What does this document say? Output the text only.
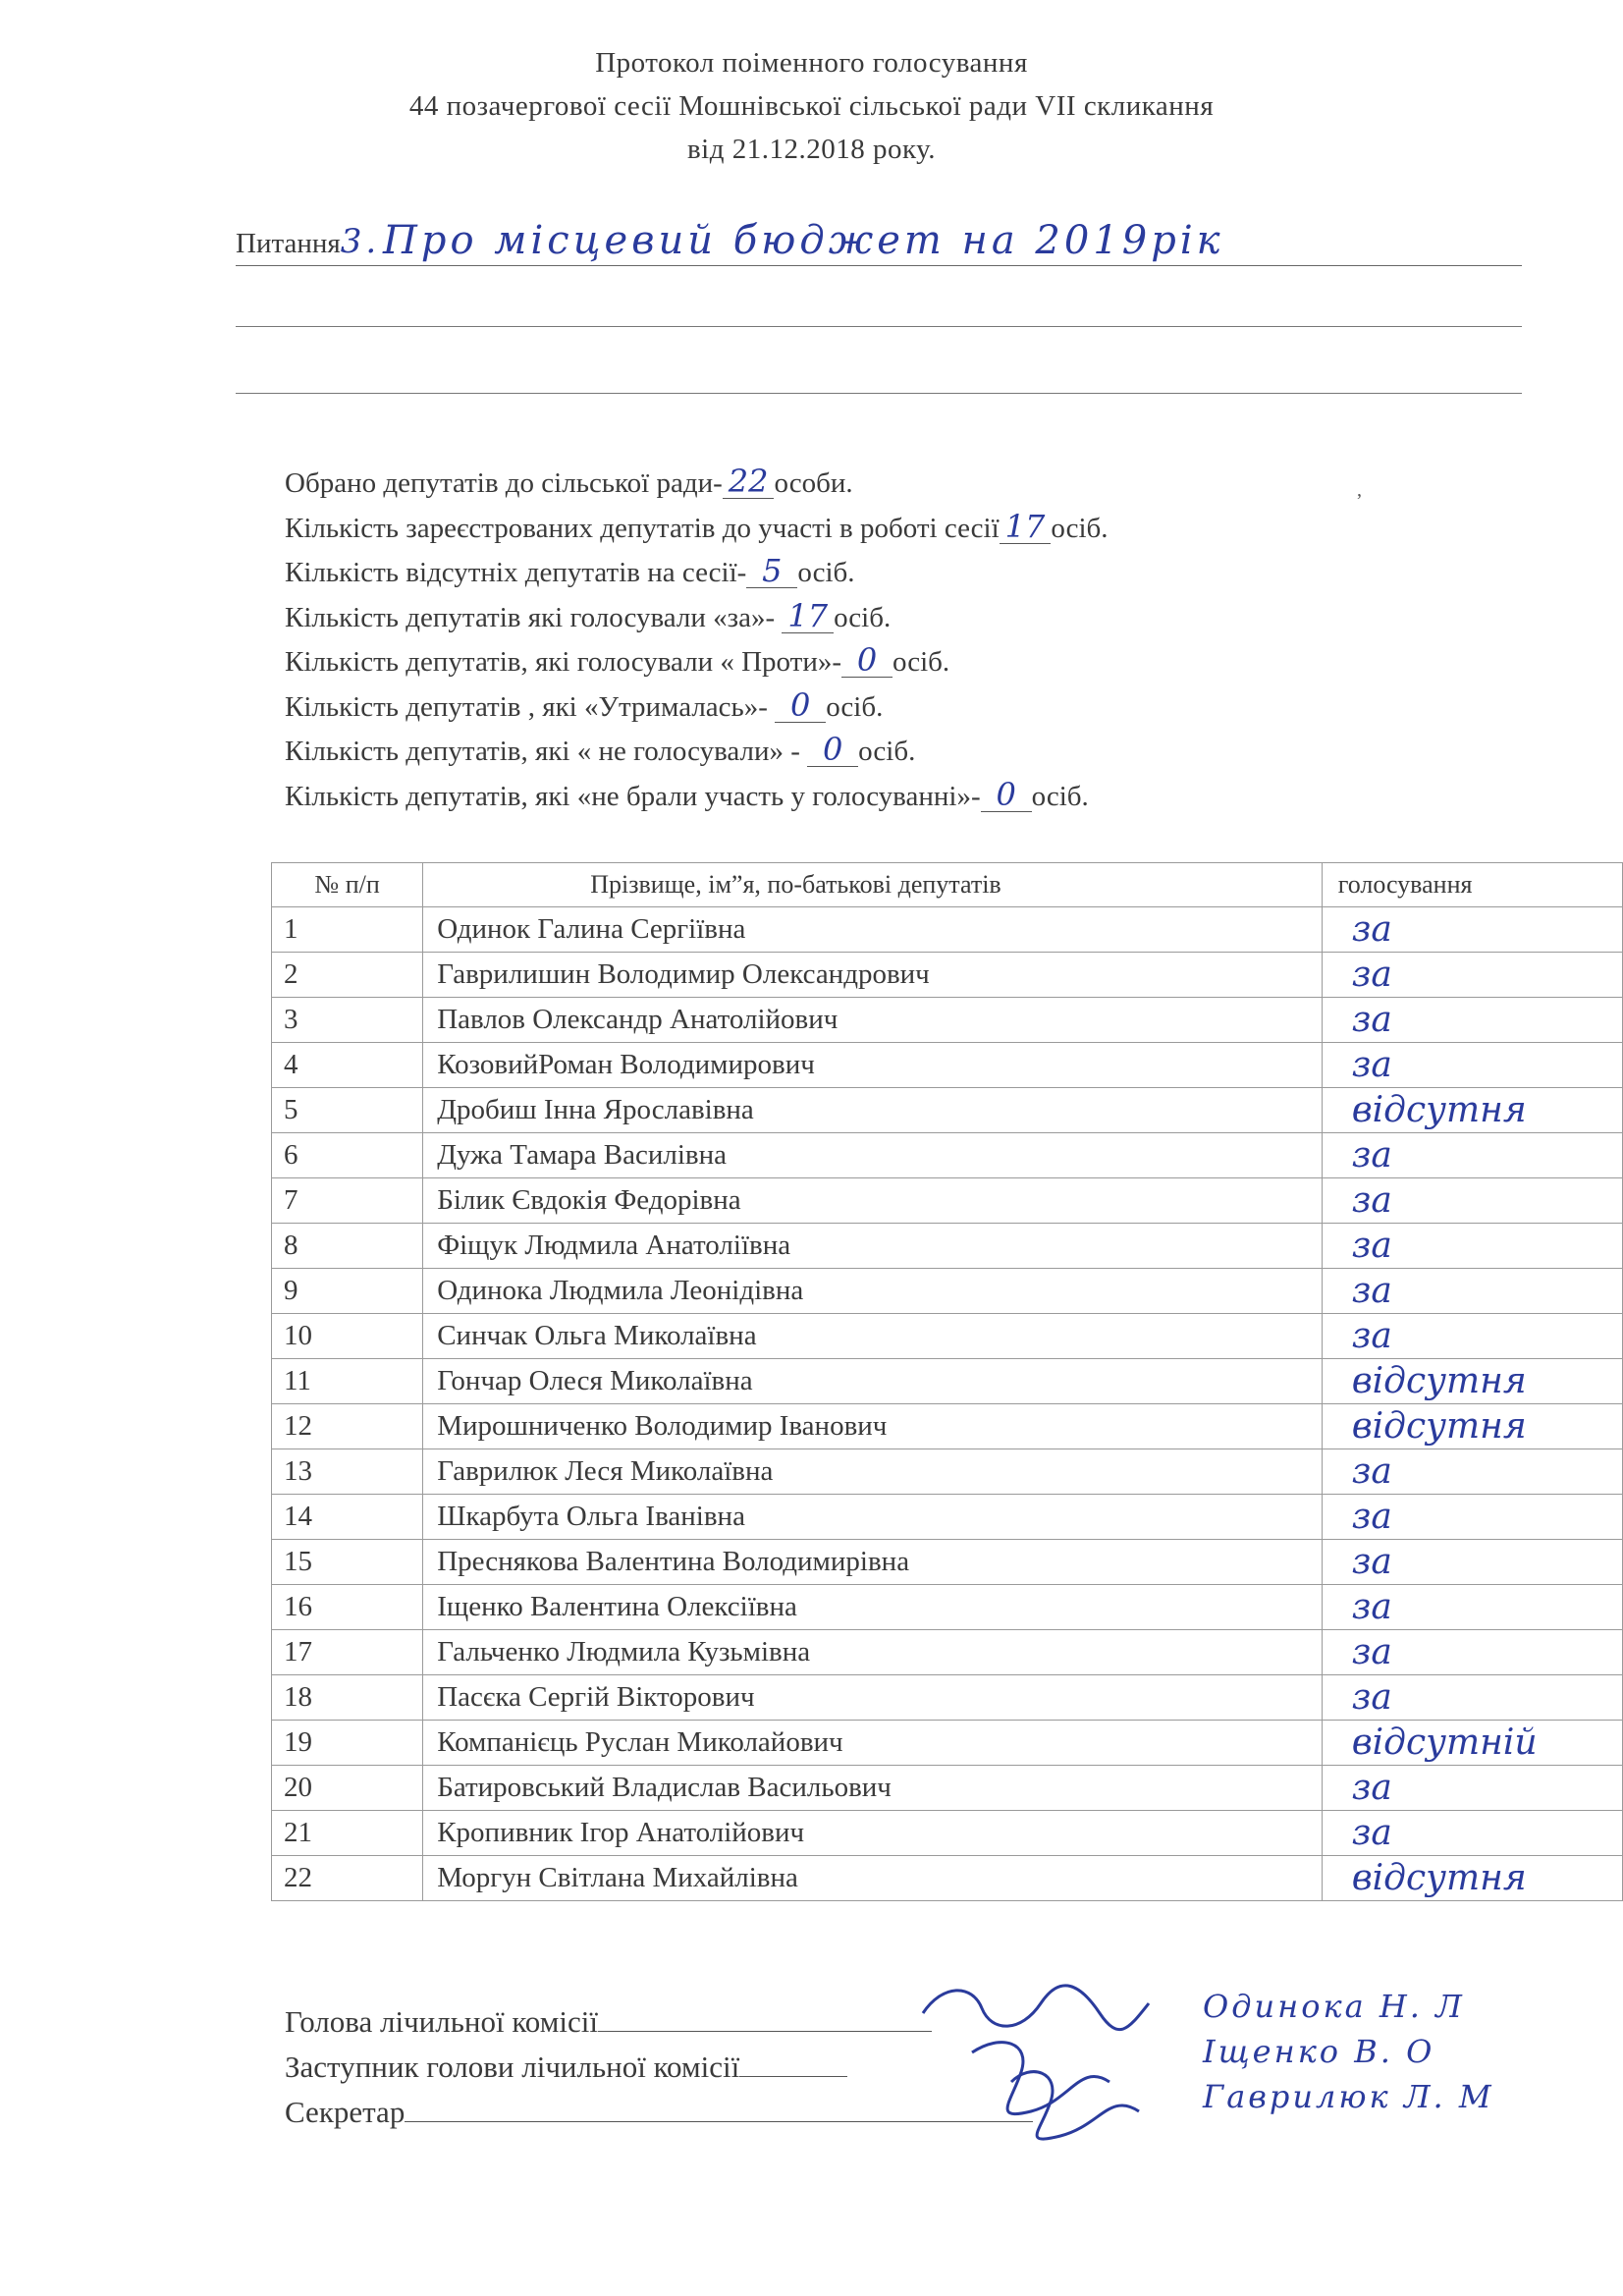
Протокол поіменного голосування
44 позачергової сесії Мошнівської сільської ради VII скликання
від 21.12.2018 року.
Питання3. Про місцевий бюджет на 2019рік
Обрано депутатів до сільської ради- 22 особи.
Кількість зареєстрованих депутатів до участі в роботі сесії 17 осіб.
Кількість відсутніх депутатів на сесії- 5 осіб.
Кількість депутатів які голосували «за»- 17 осіб.
Кількість депутатів, які голосували « Проти»- 0 осіб.
Кількість депутатів , які «Утрималась»- 0 осіб.
Кількість депутатів, які « не голосували» - 0 осіб.
Кількість депутатів, які «не брали участь у голосуванні»- 0 осіб.
,
№ п/п	Прізвище, ім”я, по-батькові депутатів	голосування
1	Одинок Галина Сергіївна	за
2	Гаврилишин Володимир Олександрович	за
3	Павлов Олександр Анатолійович	за
4	КозовийРоман Володимирович	за
5	Дробиш Інна Ярославівна	відсутня
6	Дужа Тамара Василівна	за
7	Білик Євдокія Федорівна	за
8	Фіщук Людмила Анатоліївна	за
9	Одинока Людмила Леонідівна	за
10	Синчак Ольга Миколаївна	за
11	Гончар Олеся Миколаївна	відсутня
12	Мирошниченко Володимир Іванович	відсутня
13	Гаврилюк Леся Миколаївна	за
14	Шкарбута Ольга Іванівна	за
15	Преснякова Валентина Володимирівна	за
16	Іщенко Валентина Олексіївна	за
17	Гальченко Людмила Кузьмівна	за
18	Пасєка Сергій Вікторович	за
19	Компанієць Руслан Миколайович	відсутній
20	Батировський Владислав Васильович	за
21	Кропивник Ігор Анатолійович	за
22	Моргун Світлана Михайлівна	відсутня
Голова лічильної комісії
Заступник голови лічильної комісії
Секретар
Одинока Н. Л
Іщенко В. О
Гаврилюк Л. М
